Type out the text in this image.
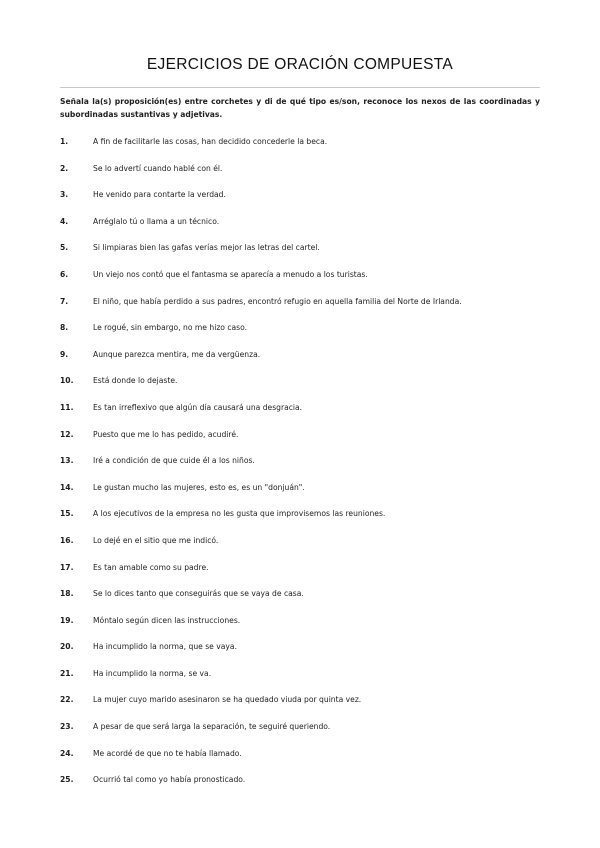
EJERCICIOS DE ORACIÓN COMPUESTA

Señala la(s) proposición(es) entre corchetes y di de qué tipo es/son, reconoce los nexos de las coordinadas y subordinadas sustantivas y adjetivas.

1.	A fin de facilitarle las cosas, han decidido concederle la beca.
2.	Se lo advertí cuando hablé con él.
3.	He venido para contarte la verdad.
4.	Arréglalo tú o llama a un técnico.
5.	Si limpiaras bien las gafas verías mejor las letras del cartel.
6.	Un viejo nos contó que el fantasma se aparecía a menudo a los turistas.
7.	El niño, que había perdido a sus padres, encontró refugio en aquella familia del Norte de Irlanda.
8.	Le rogué, sin embargo, no me hizo caso.
9.	Aunque parezca mentira, me da vergüenza.
10.	Está donde lo dejaste.
11.	Es tan irreflexivo que algún día causará una desgracia.
12.	Puesto que me lo has pedido, acudiré.
13.	Iré a condición de que cuide él a los niños.
14.	Le gustan mucho las mujeres, esto es, es un "donjuán".
15.	A los ejecutivos de la empresa no les gusta que improvisemos las reuniones.
16.	Lo dejé en el sitio que me indicó.
17.	Es tan amable como su padre.
18.	Se lo dices tanto que conseguirás que se vaya de casa.
19.	Móntalo según dicen las instrucciones.
20.	Ha incumplido la norma, que se vaya.
21.	Ha incumplido la norma, se va.
22.	La mujer cuyo marido asesinaron se ha quedado viuda por quinta vez.
23.	A pesar de que será larga la separación, te seguiré queriendo.
24.	Me acordé de que no te había llamado.
25.	Ocurrió tal como yo había pronosticado.
